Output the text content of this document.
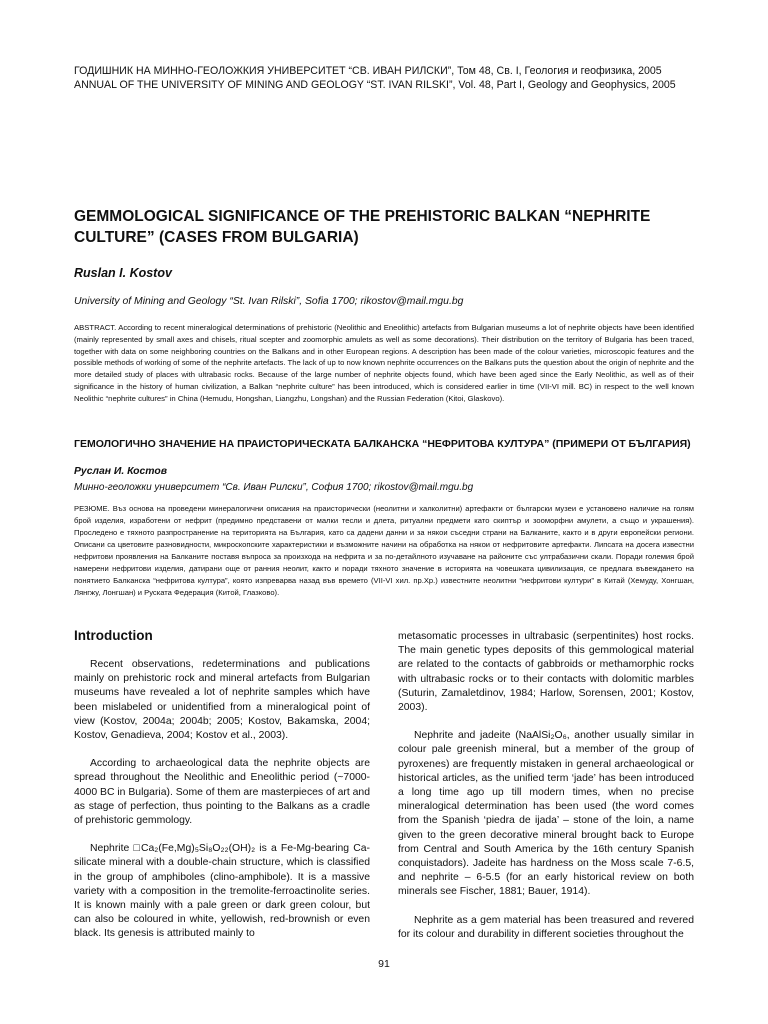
ГОДИШНИК НА МИННО-ГЕОЛОЖКИЯ УНИВЕРСИТЕТ “СВ. ИВАН РИЛСКИ”, Том 48, Св. I, Геология и геофизика, 2005
ANNUAL OF THE UNIVERSITY OF MINING AND GEOLOGY “ST. IVAN RILSKI”, Vol. 48, Part I, Geology and Geophysics, 2005
GEMMOLOGICAL SIGNIFICANCE OF THE PREHISTORIC BALKAN “NEPHRITE CULTURE” (CASES FROM BULGARIA)
Ruslan I. Kostov
University of Mining and Geology “St. Ivan Rilski”, Sofia 1700; rikostov@mail.mgu.bg
ABSTRACT. According to recent mineralogical determinations of prehistoric (Neolithic and Eneolithic) artefacts from Bulgarian museums a lot of nephrite objects have been identified (mainly represented by small axes and chisels, ritual scepter and zoomorphic amulets as well as some decorations). Their distribution on the territory of Bulgaria has been traced, together with data on some neighboring countries on the Balkans and in other European regions. A description has been made of the colour varieties, microscopic features and the possible methods of working of some of the nephrite artefacts. The lack of up to now known nephrite occurrences on the Balkans puts the question about the origin of nephrite and the more detailed study of places with ultrabasic rocks. Because of the large number of nephrite objects found, which have been aged since the Early Neolithic, as well as of their significance in the history of human civilization, a Balkan “nephrite culture” has been introduced, which is considered earlier in time (VII-VI mill. BC) in respect to the well known Neolithic “nephrite cultures” in China (Hemudu, Hongshan, Liangzhu, Longshan) and the Russian Federation (Kitoi, Glaskovo).
ГЕМОЛОГИЧНО ЗНАЧЕНИЕ НА ПРАИСТОРИЧЕСКАТА БАЛКАНСКА “НЕФРИТОВА КУЛТУРА” (ПРИМЕРИ ОТ БЪЛГАРИЯ)
Руслан И. Костов
Минно-геоложки университет “Св. Иван Рилски”, София 1700; rikostov@mail.mgu.bg
РЕЗЮМЕ. Въз основа на проведени минералогични описания на праисторически (неолитни и халколитни) артефакти от български музеи е установено наличие на голям брой изделия, изработени от нефрит (предимно представени от малки тесли и длета, ритуални предмети като скиптър и зооморфни амулети, а също и украшения). Проследено е тяхното разпространение на територията на България, като са дадени данни и за някои съседни страни на Балканите, както и в други европейски региони. Описани са цветовите разновидности, микроскопските характеристики и възможните начини на обработка на някои от нефритовите артефакти. Липсата на досега известни нефритови проявления на Балканите поставя въпроса за произхода на нефрита и за по-детайлното изучаване на районите със ултрабазични скали. Поради големия брой намерени нефритови изделия, датирани още от ранния неолит, както и поради тяхното значение в историята на човешката цивилизация, се предлага въвеждането на понятието Балканска “нефритова култура”, която изпреварва назад във времето (VII-VI хил. пр.Хр.) известните неолитни “нефритови култури” в Китай (Хемуду, Хонгшан, Лянгжу, Лонгшан) и Руската Федерация (Китой, Глазково).
Introduction

Recent observations, redeterminations and publications mainly on prehistoric rock and mineral artefacts from Bulgarian museums have revealed a lot of nephrite samples which have been mislabeled or unidentified from a mineralogical point of view (Kostov, 2004a; 2004b; 2005; Kostov, Bakamska, 2004; Kostov, Genadieva, 2004; Kostov et al., 2003).

According to archaeological data the nephrite objects are spread throughout the Neolithic and Eneolithic period (~7000-4000 BC in Bulgaria). Some of them are masterpieces of art and as stage of perfection, thus pointing to the Balkans as a cradle of prehistoric gemmology.

Nephrite □Ca₂(Fe,Mg)₅Si₈O₂₂(OH)₂ is a Fe-Mg-bearing Ca-silicate mineral with a double-chain structure, which is classified in the group of amphiboles (clino-amphibole). It is a massive variety with a composition in the tremolite-ferroactinolite series. It is known mainly with a pale green or dark green colour, but can also be coloured in white, yellowish, red-brownish or even black. Its genesis is attributed mainly to

metasomatic processes in ultrabasic (serpentinites) host rocks. The main genetic types deposits of this gemmological material are related to the contacts of gabbroids or methamorphic rocks with ultrabasic rocks or to their contacts with dolomitic marbles (Suturin, Zamaletdinov, 1984; Harlow, Sorensen, 2001; Kostov, 2003).

Nephrite and jadeite (NaAlSi₂O₆, another usually similar in colour pale greenish mineral, but a member of the group of pyroxenes) are frequently mistaken in general archaeological or historical articles, as the unified term ‘jade’ has been introduced a long time ago up till modern times, when no precise mineralogical determination has been used (the word comes from the Spanish ‘piedra de ijada’ – stone of the loin, a name given to the green decorative mineral brought back to Europe from Central and South America by the 16th century Spanish conquistadors). Jadeite has hardness on the Moss scale 7-6.5, and nephrite – 6-5.5 (for an early historical review on both minerals see Fischer, 1881; Bauer, 1914).

Nephrite as a gem material has been treasured and revered for its colour and durability in different societies throughout the

91
